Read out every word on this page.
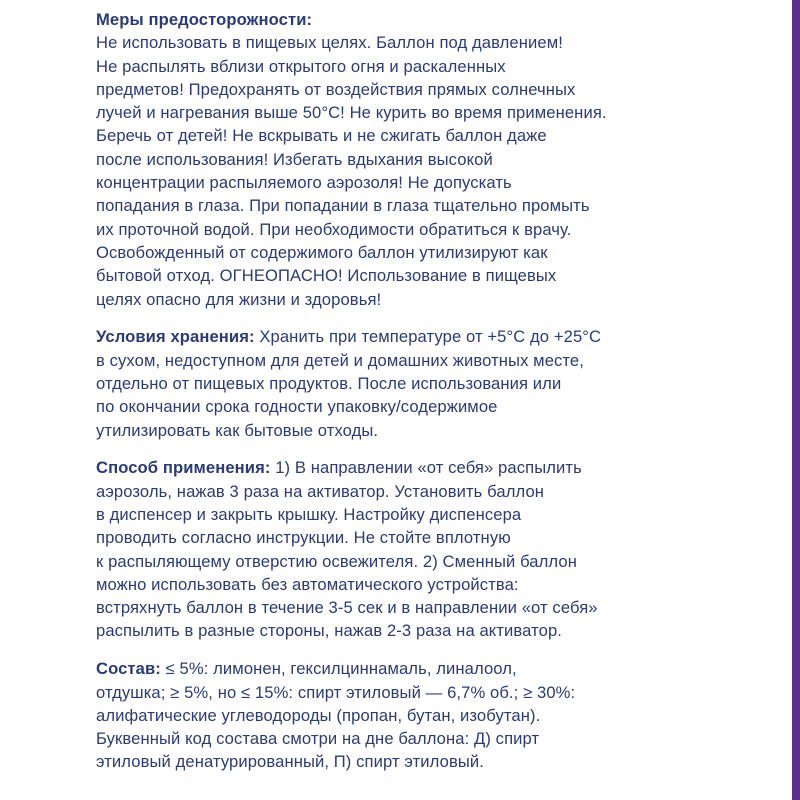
Меры предосторожности:
Не использовать в пищевых целях. Баллон под давлением!
Не распылять вблизи открытого огня и раскаленных
предметов! Предохранять от воздействия прямых солнечных
лучей и нагревания выше 50°С! Не курить во время применения.
Беречь от детей! Не вскрывать и не сжигать баллон даже
после использования! Избегать вдыхания высокой
концентрации распыляемого аэрозоля! Не допускать
попадания в глаза. При попадании в глаза тщательно промыть
их проточной водой. При необходимости обратиться к врачу.
Освобожденный от содержимого баллон утилизируют как
бытовой отход. ОГНЕОПАСНО! Использование в пищевых
целях опасно для жизни и здоровья!
Условия хранения: Хранить при температуре от +5°С до +25°С
в сухом, недоступном для детей и домашних животных месте,
отдельно от пищевых продуктов. После использования или
по окончании срока годности упаковку/содержимое
утилизировать как бытовые отходы.
Способ применения: 1) В направлении «от себя» распылить
аэрозоль, нажав 3 раза на активатор. Установить баллон
в диспенсер и закрыть крышку. Настройку диспенсера
проводить согласно инструкции. Не стойте вплотную
к распыляющему отверстию освежителя. 2) Сменный баллон
можно использовать без автоматического устройства:
встряхнуть баллон в течение 3-5 сек и в направлении «от себя»
распылить в разные стороны, нажав 2-3 раза на активатор.
Состав: ≤ 5%: лимонен, гексилциннамаль, линалоол,
отдушка; ≥ 5%, но ≤ 15%: спирт этиловый — 6,7% об.; ≥ 30%:
алифатические углеводороды (пропан, бутан, изобутан).
Буквенный код состава смотри на дне баллона: Д) спирт
этиловый денатурированный, П) спирт этиловый.
